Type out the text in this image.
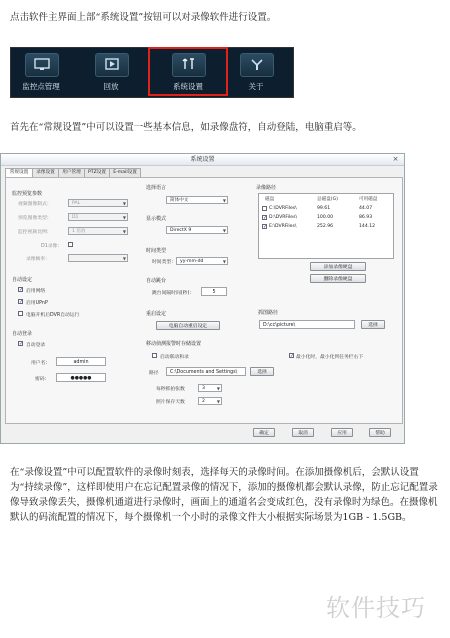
点击软件主界面上部“系统设置”按钮可以对录像软件进行设置。
监控点管理	回放	系统设置	关于
首先在“常规设置”中可以设置一些基本信息，如录像盘符，自动登陆，电脑重启等。
系统设置	×
常规设置	录像设置	用户管理	PTZ设置	E-mail设置
监控预览参数
视频图像制式：	PAL	▼
预览图像类型：	D1	▼
监控视频比例：	1 倍放	▼
D1录像：
录像帧率：	▼
自动设定
✓ 启用网络
✓ 启用UPnP
电脑开机后DVR自动运行
自动登录
✓ 自动登录
用户名：	admin
密码：	●●●●●
选择语言
简体中文	▼
显示模式
DirectX 9	▼
时间类型
时间类型： yy-mm-dd	▼
自动跳台
跳台间隔时间(秒)：	5
重启设定
电脑自动重启设定
录像路径
磁盘	总磁盘(G)	可用磁盘
C:\DVRFiles\	99.61	44.07
✓ D:\DVRFiles\	100.00	86.93
✓ E:\DVRFiles\	252.96	144.12
添加录像硬盘
删除录像硬盘
抓图路径
D:\cc\picture\	选择
移动侦测报警时存储设置
启动联动和录
路径	C:\Documents and Settings\	选择
每秒抓拍张数	3	▼
照片保存天数	2	▼
✓ 最小化时，最小化到任务栏右下
确定	取消	应用	帮助
在“录像设置”中可以配置软件的录像时刻表，选择每天的录像时间。在添加摄像机后，会默认设置为“持续录像”，这样即使用户在忘记配置录像的情况下，添加的摄像机都会默认录像，防止忘记配置录像导致录像丢失，摄像机通道进行录像时，画面上的通道名会变成红色，没有录像时为绿色。在摄像机默认的码流配置的情况下，每个摄像机一个小时的录像文件大小根据实际场景为1GB - 1.5GB。
软件技巧
